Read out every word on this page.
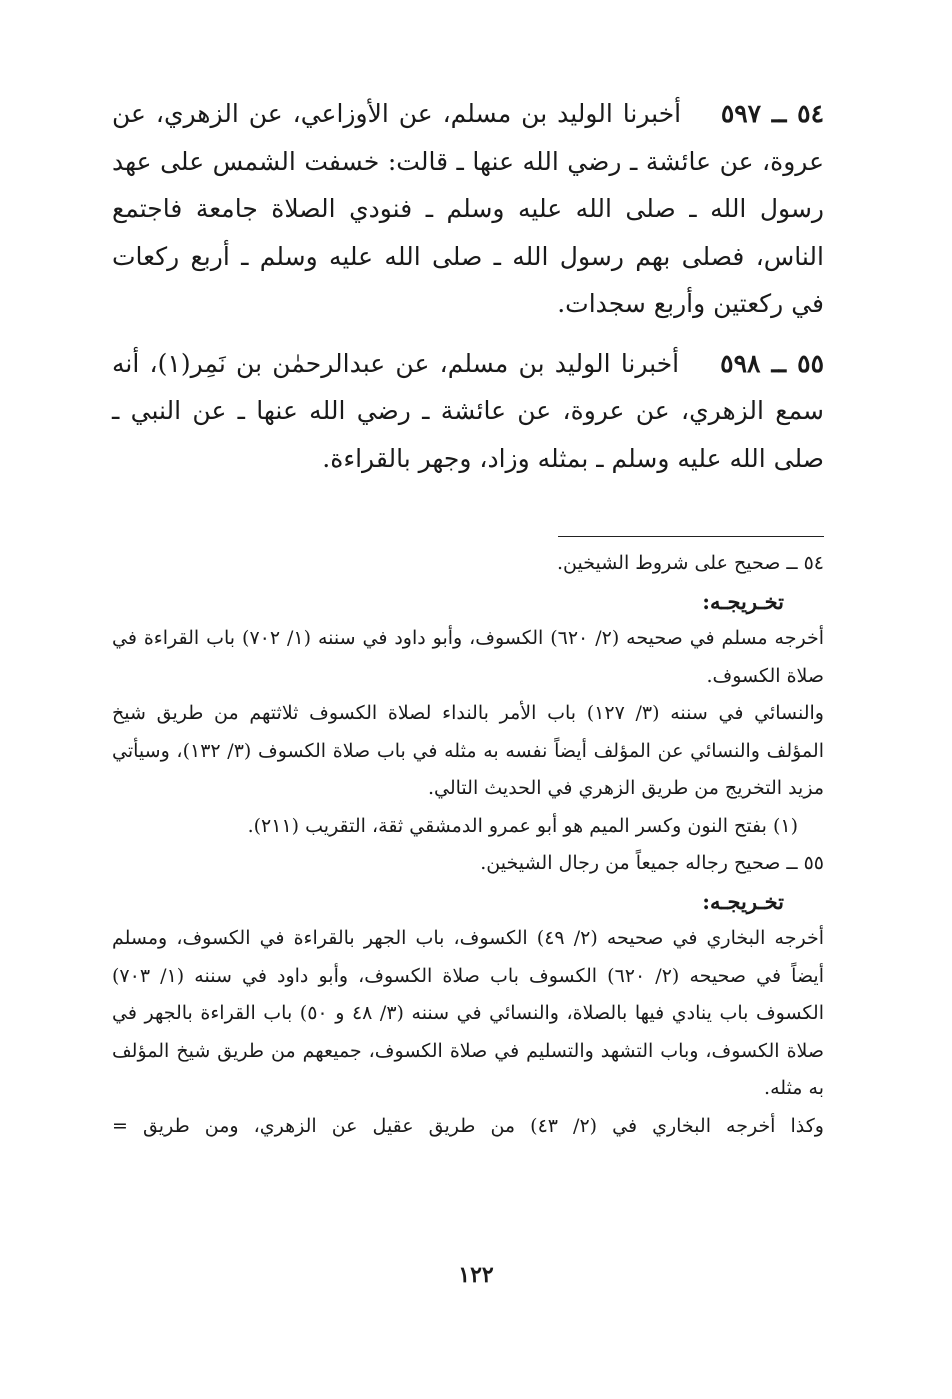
٥٤ ــ ٥٩٧    أخبرنا الوليد بن مسلم، عن الأوزاعي، عن الزهري، عن عروة، عن عائشة ـ رضي الله عنها ـ قالت: خسفت الشمس على عهد رسول الله ـ صلى الله عليه وسلم ـ فنودي الصلاة جامعة فاجتمع الناس، فصلى بهم رسول الله ـ صلى الله عليه وسلم ـ أربع ركعات في ركعتين وأربع سجدات.

٥٥ ــ ٥٩٨    أخبرنا الوليد بن مسلم، عن عبدالرحمٰن بن نَمِر(١)، أنه سمع الزهري، عن عروة، عن عائشة ـ رضي الله عنها ـ عن النبي ـ صلى الله عليه وسلم ـ بمثله وزاد، وجهر بالقراءة.

٥٤ ــ صحيح على شروط الشيخين.

تخـريجـه:

أخرجه مسلم في صحيحه (٢/ ٦٢٠) الكسوف، وأبو داود في سننه (١/ ٧٠٢) باب القراءة في صلاة الكسوف.

والنسائي في سننه (٣/ ١٢٧) باب الأمر بالنداء لصلاة الكسوف ثلاثتهم من طريق شيخ المؤلف والنسائي عن المؤلف أيضاً نفسه به مثله في باب صلاة الكسوف (٣/ ١٣٢)، وسيأتي مزيد التخريج من طريق الزهري في الحديث التالي.

(١) بفتح النون وكسر الميم هو أبو عمرو الدمشقي ثقة، التقريب (٢١١).

٥٥ ــ صحيح رجاله جميعاً من رجال الشيخين.

تخـريجـه:

أخرجه البخاري في صحيحه (٢/ ٤٩) الكسوف، باب الجهر بالقراءة في الكسوف، ومسلم أيضاً في صحيحه (٢/ ٦٢٠) الكسوف باب صلاة الكسوف، وأبو داود في سننه (١/ ٧٠٣) الكسوف باب ينادي فيها بالصلاة، والنسائي في سننه (٣/ ٤٨ و ٥٠) باب القراءة بالجهر في صلاة الكسوف، وباب التشهد والتسليم في صلاة الكسوف، جميعهم من طريق شيخ المؤلف به مثله.

وكذا أخرجه البخاري في (٢/ ٤٣) من طريق عقيل عن الزهري، ومن طريق =

١٢٢
